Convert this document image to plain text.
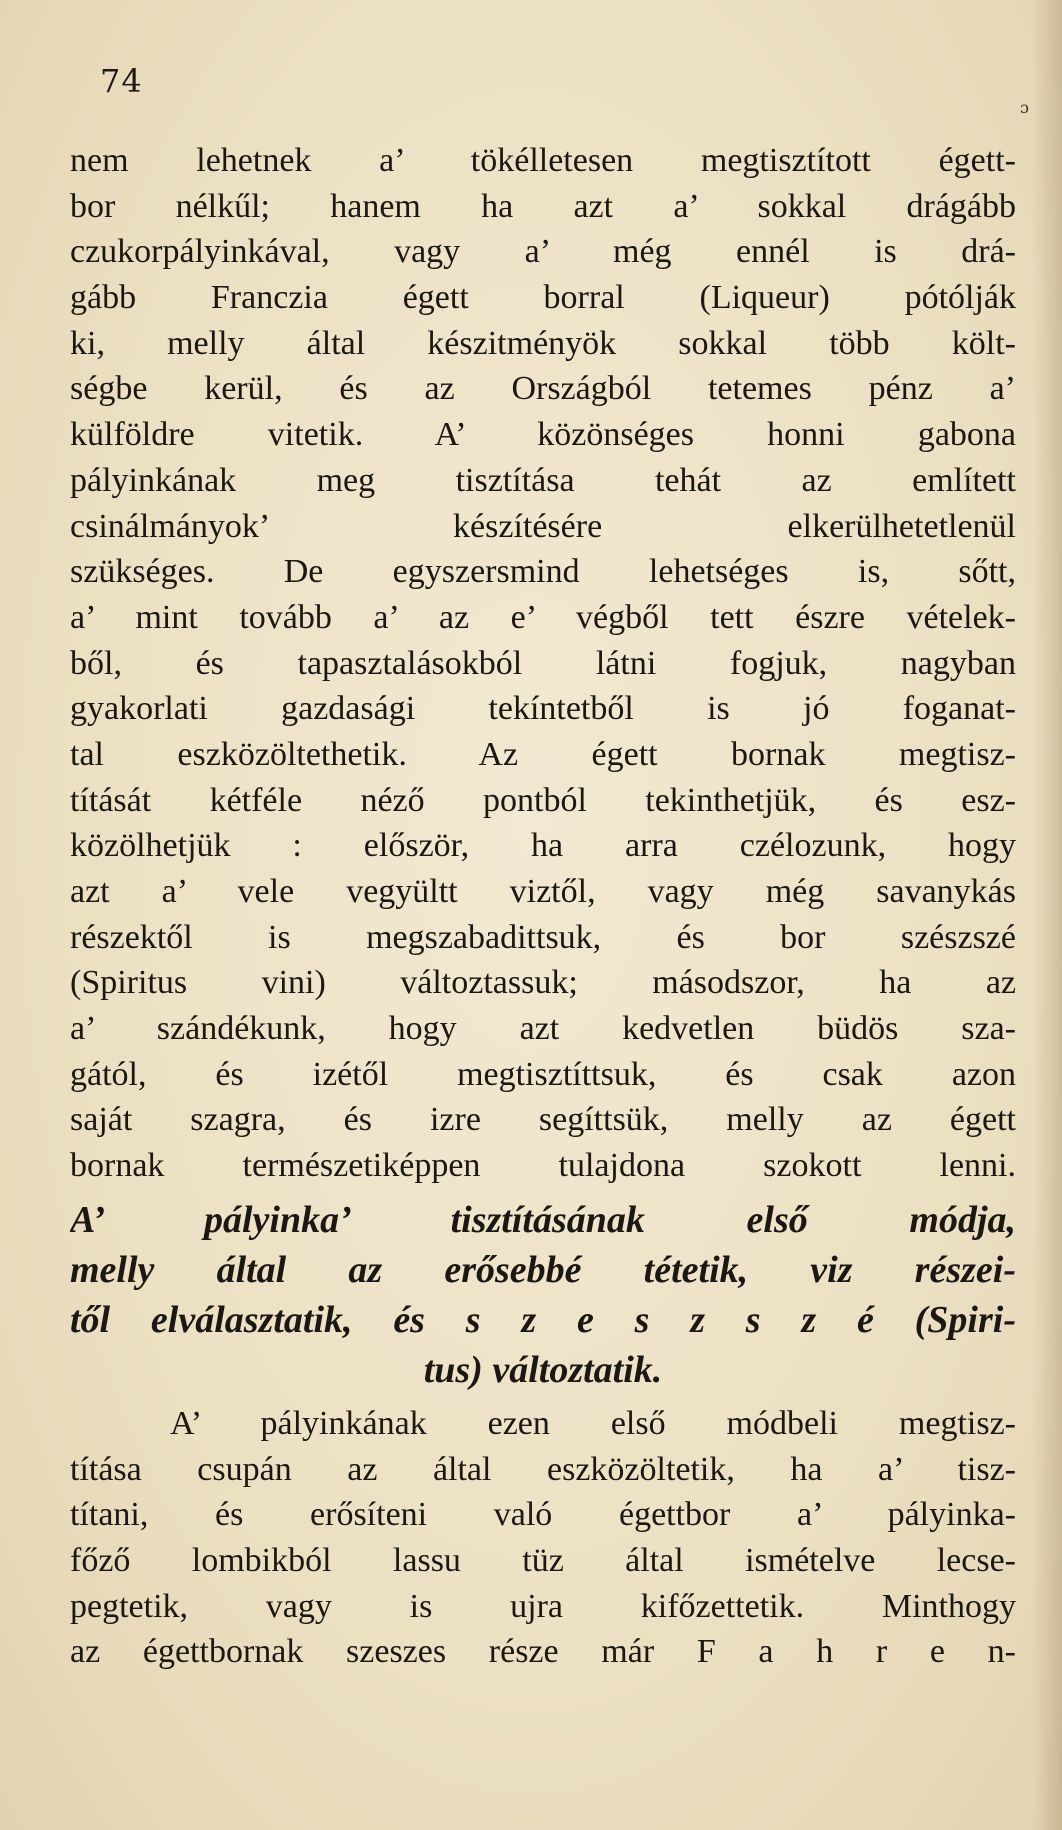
74
ɔ
nem lehetnek a’ tökélletesen megtisztított égett-
bor nélkűl; hanem ha azt a’ sokkal drágább
czukorpályinkával, vagy a’ még ennél is drá-
gább Franczia égett borral (Liqueur) pótólják
ki, melly által készitményök sokkal több költ-
ségbe kerül, és az Országból tetemes pénz a’
külföldre vitetik. A’ közönséges honni gabona
pályinkának meg tisztítása tehát az említett
csinálmányok’ készítésére elkerülhetetlenül
szükséges. De egyszersmind lehetséges is, sőtt,
a’ mint tovább a’ az e’ végből tett észre vételek-
ből, és tapasztalásokból látni fogjuk, nagyban
gyakorlati gazdasági tekíntetből is jó foganat-
tal eszközöltethetik. Az égett bornak megtisz-
títását kétféle néző pontból tekinthetjük, és esz-
közölhetjük : először, ha arra czélozunk, hogy
azt a’ vele vegyültt viztől, vagy még savanykás
részektől is megszabadittsuk, és bor szészszé
(Spiritus vini) változtassuk; másodszor, ha az
a’ szándékunk, hogy azt kedvetlen büdös sza-
gától, és izétől megtisztíttsuk, és csak azon
saját szagra, és izre segíttsük, melly az égett
bornak természetiképpen tulajdona szokott lenni.
A’ pályinka’ tisztításának első módja,
melly által az erősebbé tétetik, viz részei-
től elválasztatik, és s z e s z s z é (Spiri-
tus) változtatik.
A’ pályinkának ezen első módbeli megtisz-
títása csupán az által eszközöltetik, ha a’ tisz-
títani, és erősíteni való égettbor a’ pályinka-
főző lombikból lassu tüz által ismételve lecse-
pegtetik, vagy is ujra kifőzettetik. Minthogy
az égettbornak szeszes része már F a h r e n-
